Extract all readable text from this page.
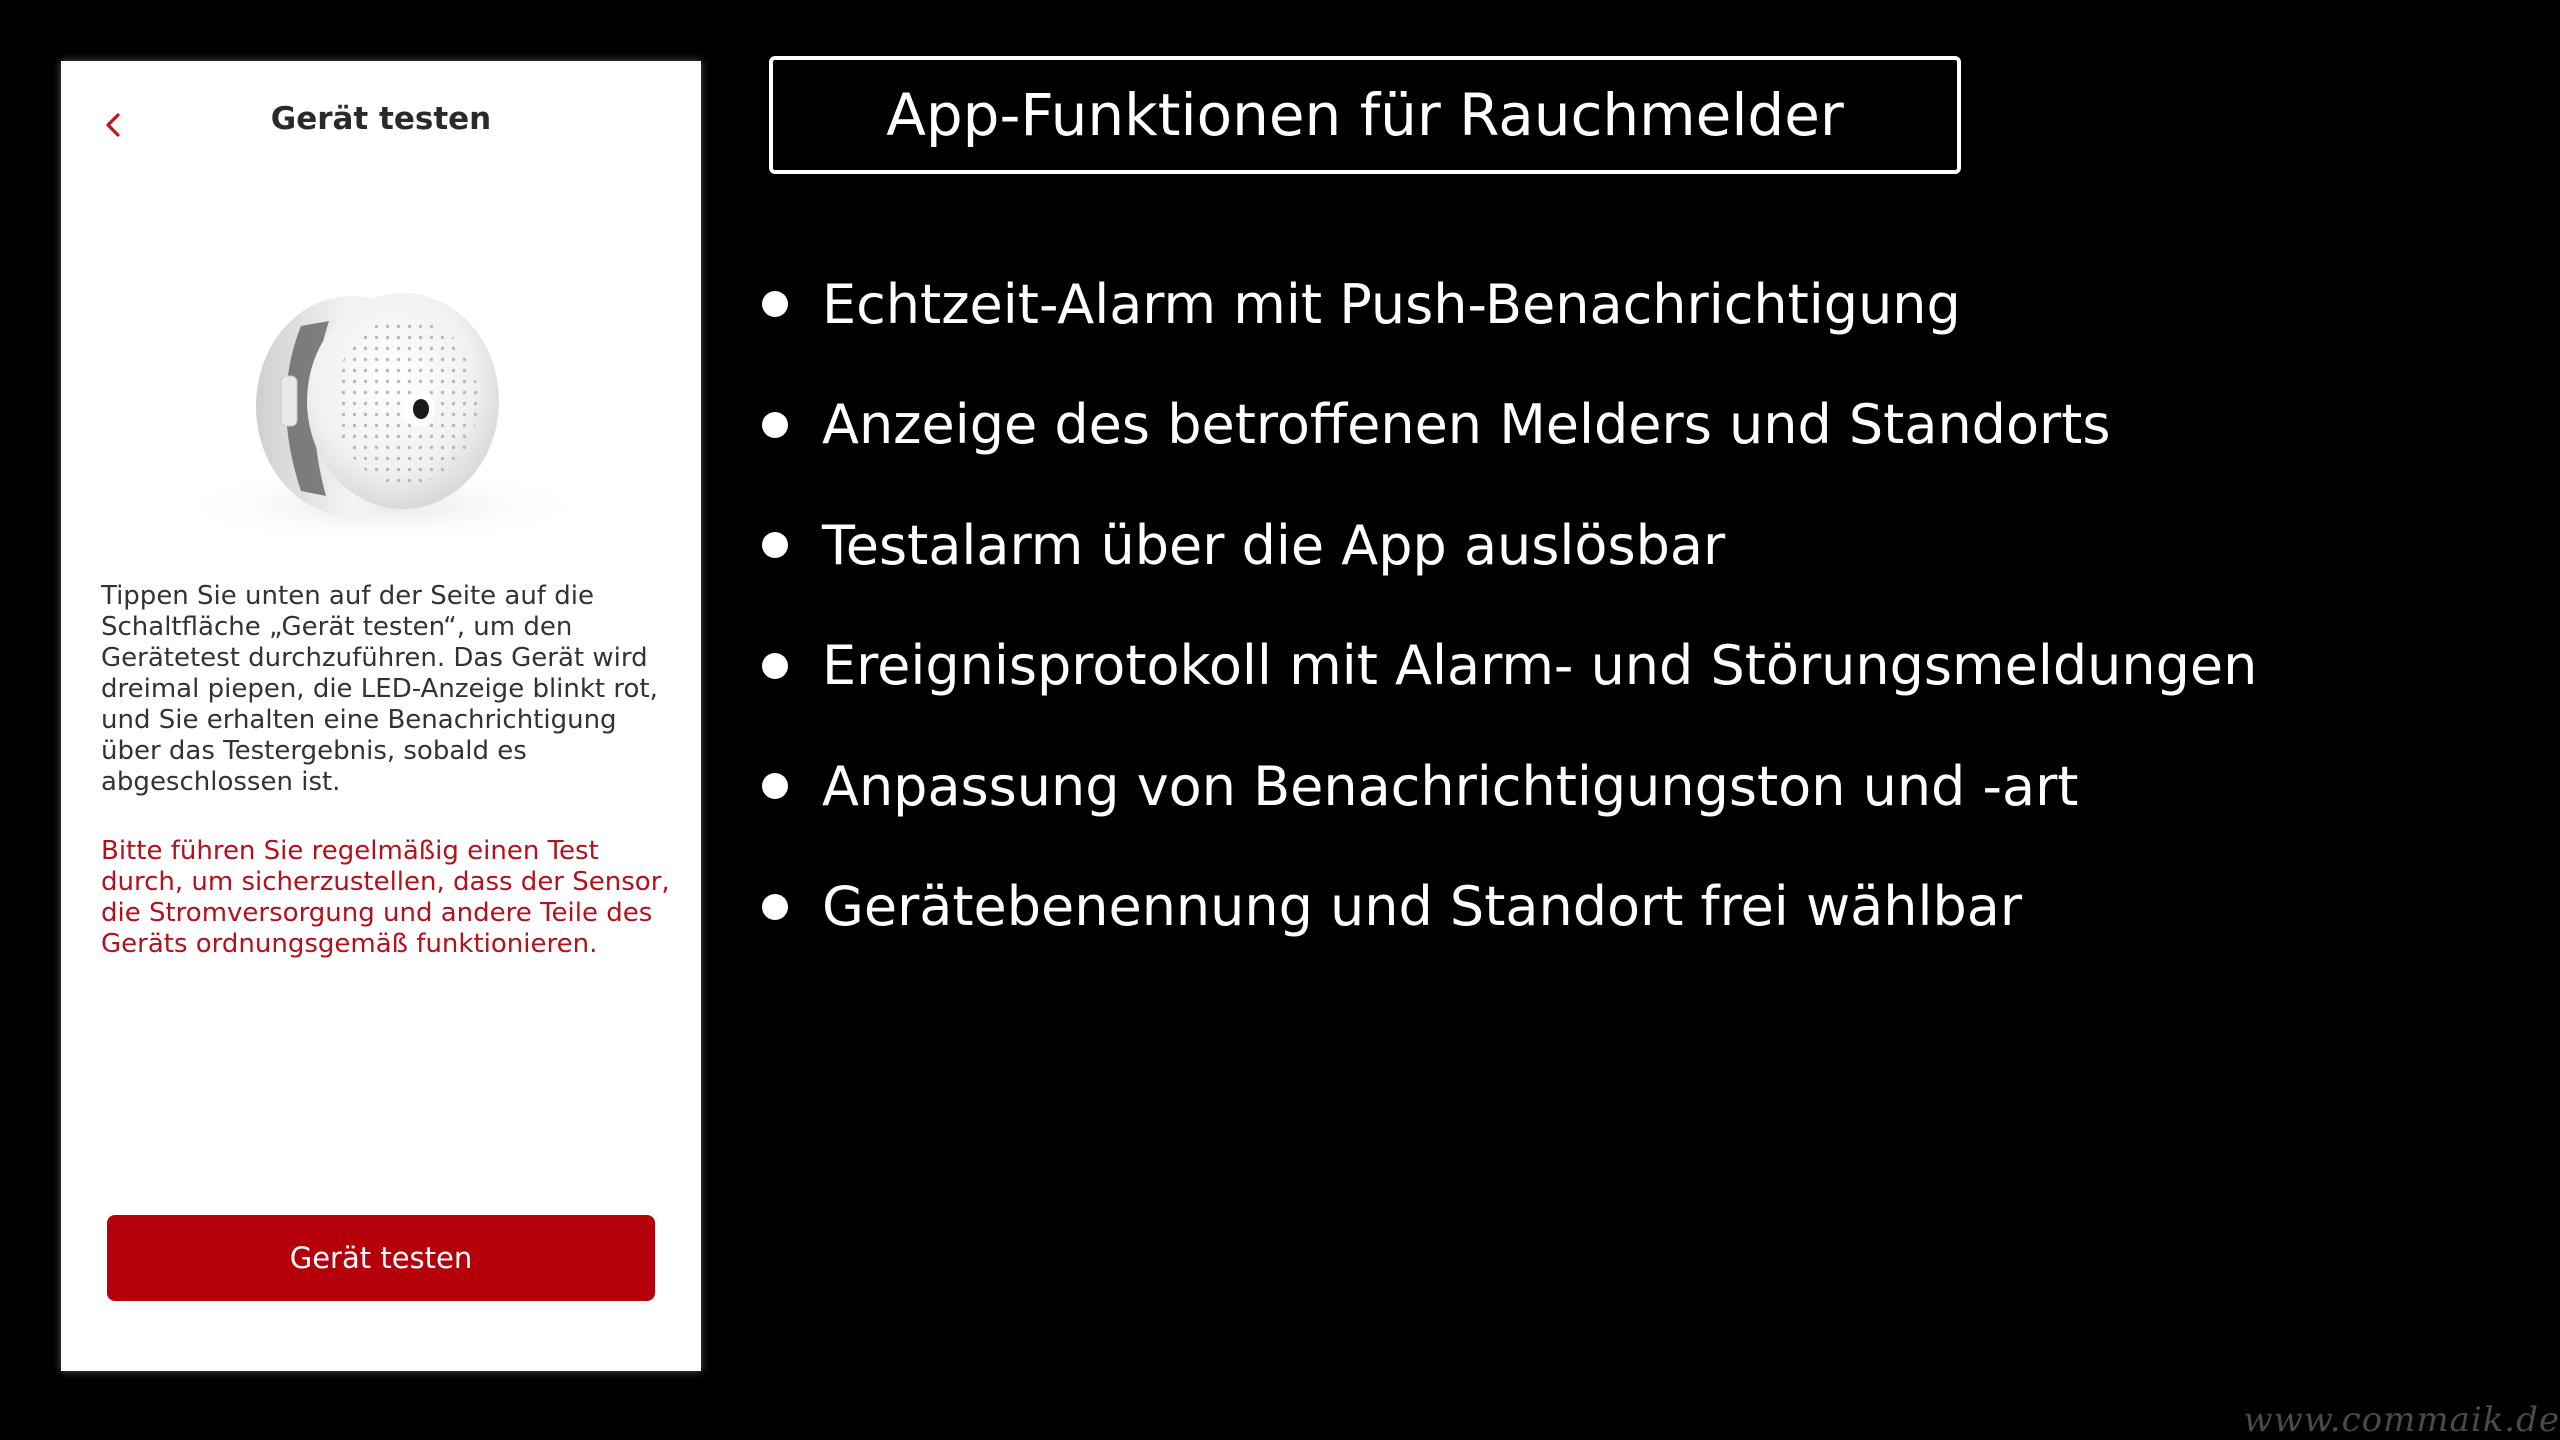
Gerät testen

Tippen Sie unten auf der Seite auf die Schaltfläche „Gerät testen“, um den Gerätetest durchzuführen. Das Gerät wird dreimal piepen, die LED-Anzeige blinkt rot, und Sie erhalten eine Benachrichtigung über das Testergebnis, sobald es abgeschlossen ist.

Bitte führen Sie regelmäßig einen Test durch, um sicherzustellen, dass der Sensor, die Stromversorgung und andere Teile des Geräts ordnungsgemäß funktionieren.

Gerät testen
App-Funktionen für Rauchmelder
Echtzeit-Alarm mit Push-Benachrichtigung
Anzeige des betroffenen Melders und Standorts
Testalarm über die App auslösbar
Ereignisprotokoll mit Alarm- und Störungsmeldungen
Anpassung von Benachrichtigungston und -art
Gerätebenennung und Standort frei wählbar
www.commaik.de
